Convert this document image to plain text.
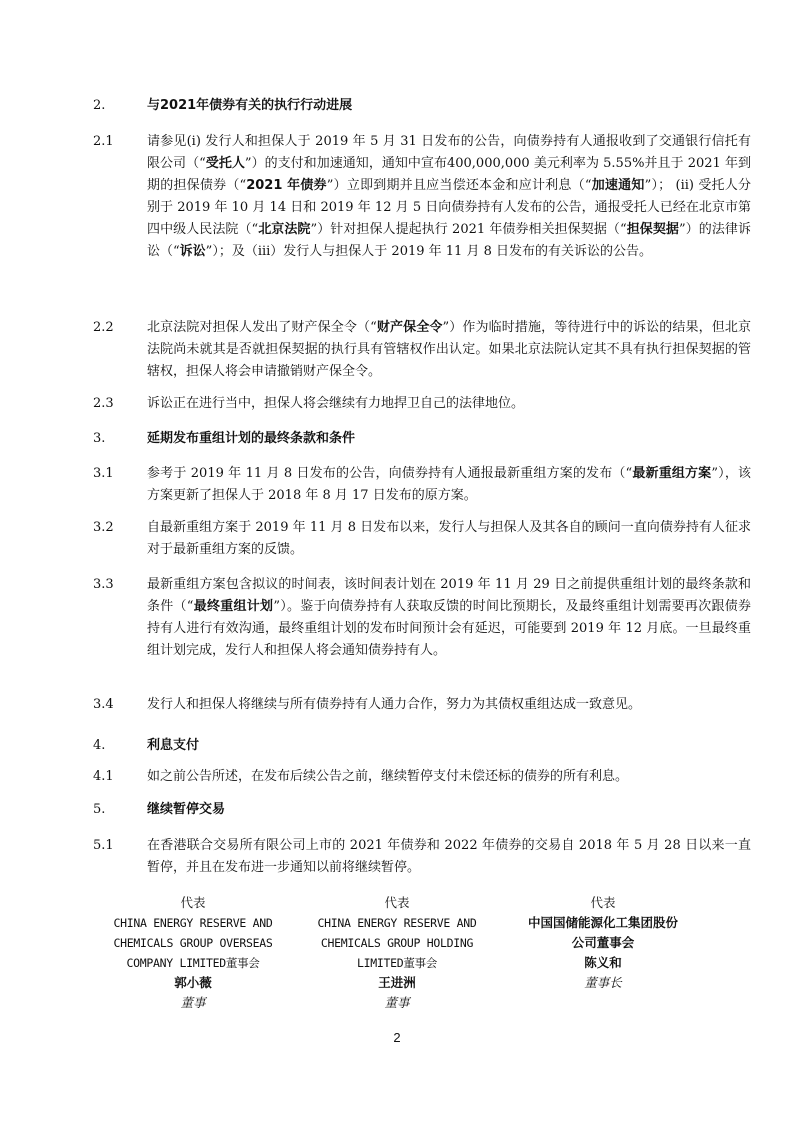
2.	与2021年债券有关的执行行动进展
2.1	请参见(i) 发行人和担保人于 2019 年 5 月 31 日发布的公告，向债券持有人通报收到了交通银行信托有限公司（“受托人”）的支付和加速通知，通知中宣布400,000,000 美元利率为 5.55%并且于 2021 年到期的担保债券（“2021 年债券”）立即到期并且应当偿还本金和应计利息（“加速通知”）； (ii) 受托人分别于 2019 年 10 月 14 日和 2019 年 12 月 5 日向债券持有人发布的公告，通报受托人已经在北京市第四中级人民法院（“北京法院”）针对担保人提起执行 2021 年债券相关担保契据（“担保契据”）的法律诉讼（“诉讼”）；及（iii）发行人与担保人于 2019 年 11 月 8 日发布的有关诉讼的公告。
2.2	北京法院对担保人发出了财产保全令（“财产保全令”）作为临时措施，等待进行中的诉讼的结果，但北京法院尚未就其是否就担保契据的执行具有管辖权作出认定。如果北京法院认定其不具有执行担保契据的管辖权，担保人将会申请撤销财产保全令。
2.3	诉讼正在进行当中，担保人将会继续有力地捍卫自己的法律地位。
3.	延期发布重组计划的最终条款和条件
3.1	参考于 2019 年 11 月 8 日发布的公告，向债券持有人通报最新重组方案的发布（“最新重组方案”），该方案更新了担保人于 2018 年 8 月 17 日发布的原方案。
3.2	自最新重组方案于 2019 年 11 月 8 日发布以来，发行人与担保人及其各自的顾问一直向债券持有人征求对于最新重组方案的反馈。
3.3	最新重组方案包含拟议的时间表，该时间表计划在 2019 年 11 月 29 日之前提供重组计划的最终条款和条件（“最终重组计划”）。鉴于向债券持有人获取反馈的时间比预期长，及最终重组计划需要再次跟债券持有人进行有效沟通，最终重组计划的发布时间预计会有延迟，可能要到 2019 年 12 月底。一旦最终重组计划完成，发行人和担保人将会通知债券持有人。
3.4	发行人和担保人将继续与所有债券持有人通力合作，努力为其债权重组达成一致意见。
4.	利息支付
4.1	如之前公告所述，在发布后续公告之前，继续暂停支付未偿还标的债券的所有利息。
5.	继续暂停交易
5.1	在香港联合交易所有限公司上市的 2021 年债券和 2022 年债券的交易自 2018 年 5 月 28 日以来一直暂停，并且在发布进一步通知以前将继续暂停。
代表
CHINA ENERGY RESERVE AND
CHEMICALS GROUP OVERSEAS
COMPANY LIMITED董事会
郭小薇
董事
代表
CHINA ENERGY RESERVE AND
CHEMICALS GROUP HOLDING
LIMITED董事会
王进洲
董事
代表
中国国储能源化工集团股份
公司董事会
陈义和
董事长
2
